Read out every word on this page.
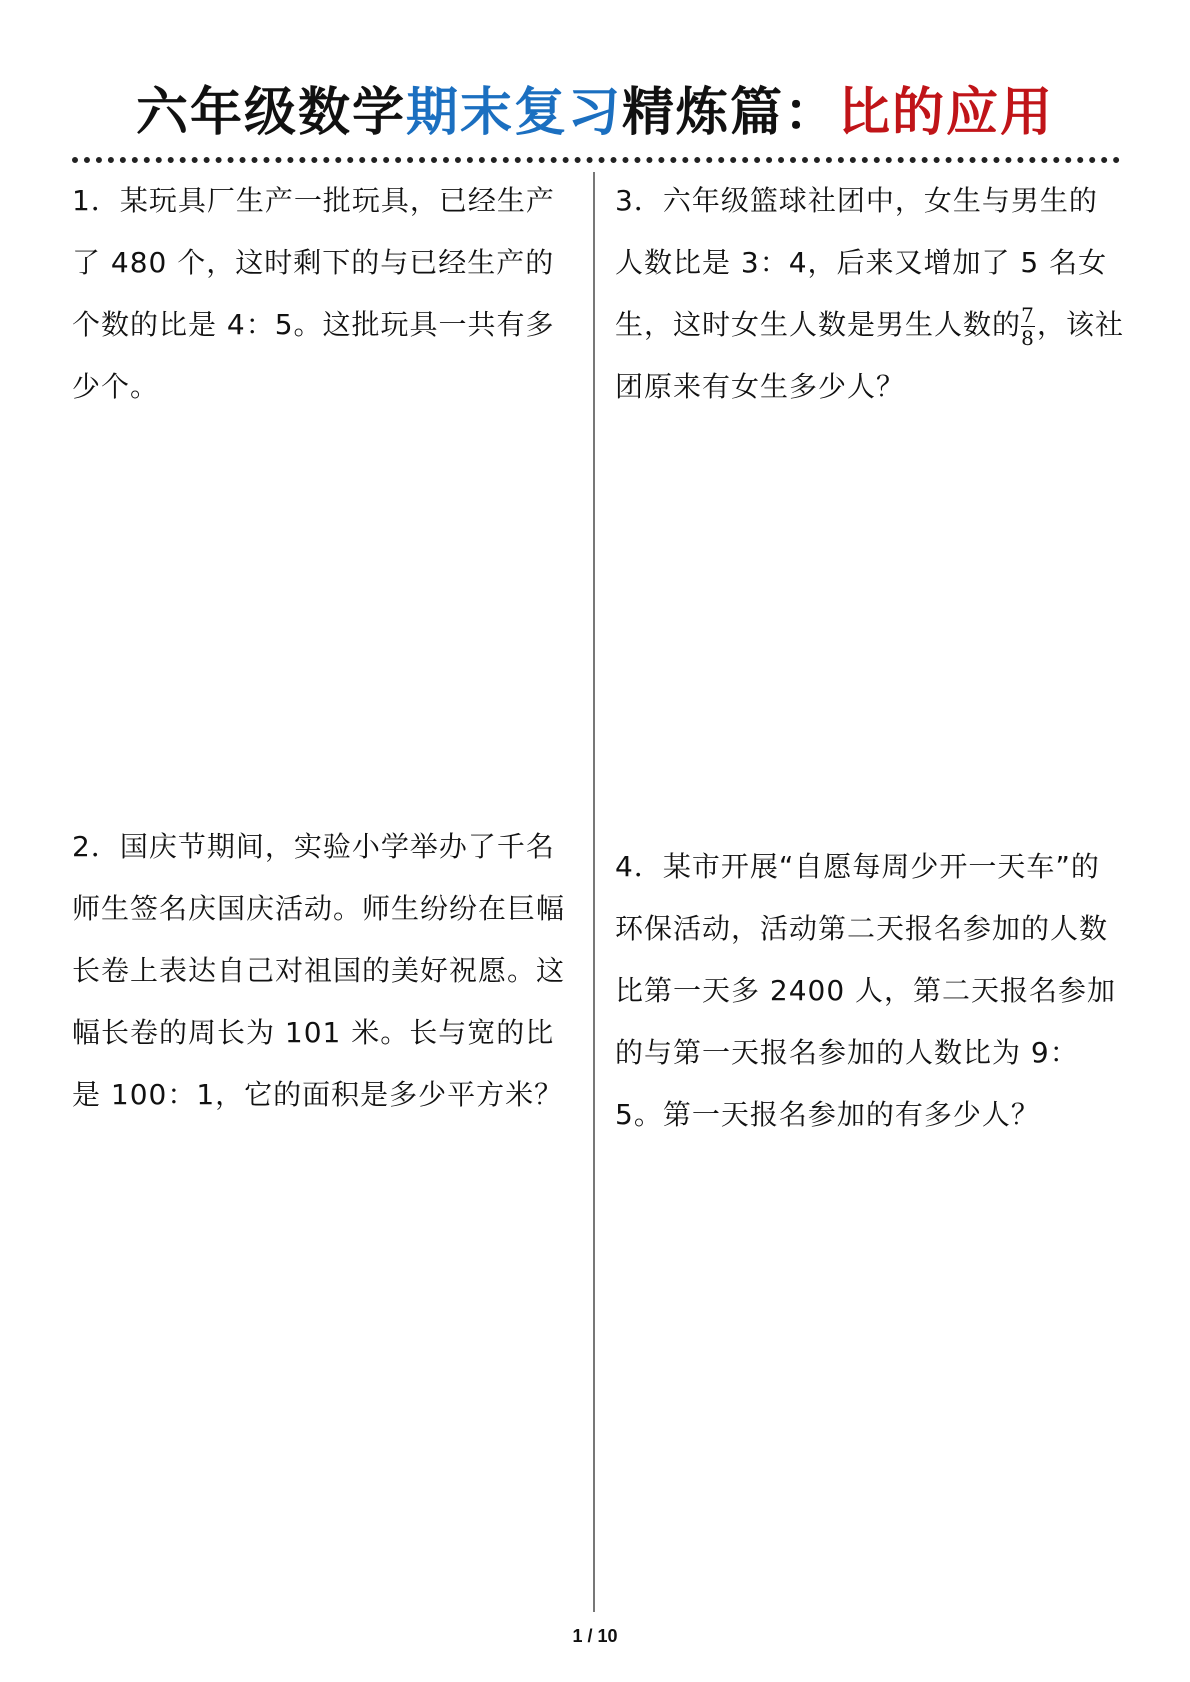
六年级数学期末复习精炼篇：比的应用
1．某玩具厂生产一批玩具，已经生产了 480 个，这时剩下的与已经生产的个数的比是 4：5。这批玩具一共有多少个。
2．国庆节期间，实验小学举办了千名师生签名庆国庆活动。师生纷纷在巨幅长卷上表达自己对祖国的美好祝愿。这幅长卷的周长为 101 米。长与宽的比是 100：1，它的面积是多少平方米？
3．六年级篮球社团中，女生与男生的人数比是 3：4，后来又增加了 5 名女生，这时女生人数是男生人数的 $\frac{7}{8}$ ，该社团原来有女生多少人？
4．某市开展“自愿每周少开一天车”的环保活动，活动第二天报名参加的人数比第一天多 2400 人，第二天报名参加的与第一天报名参加的人数比为 9：5。第一天报名参加的有多少人？
1 / 10
